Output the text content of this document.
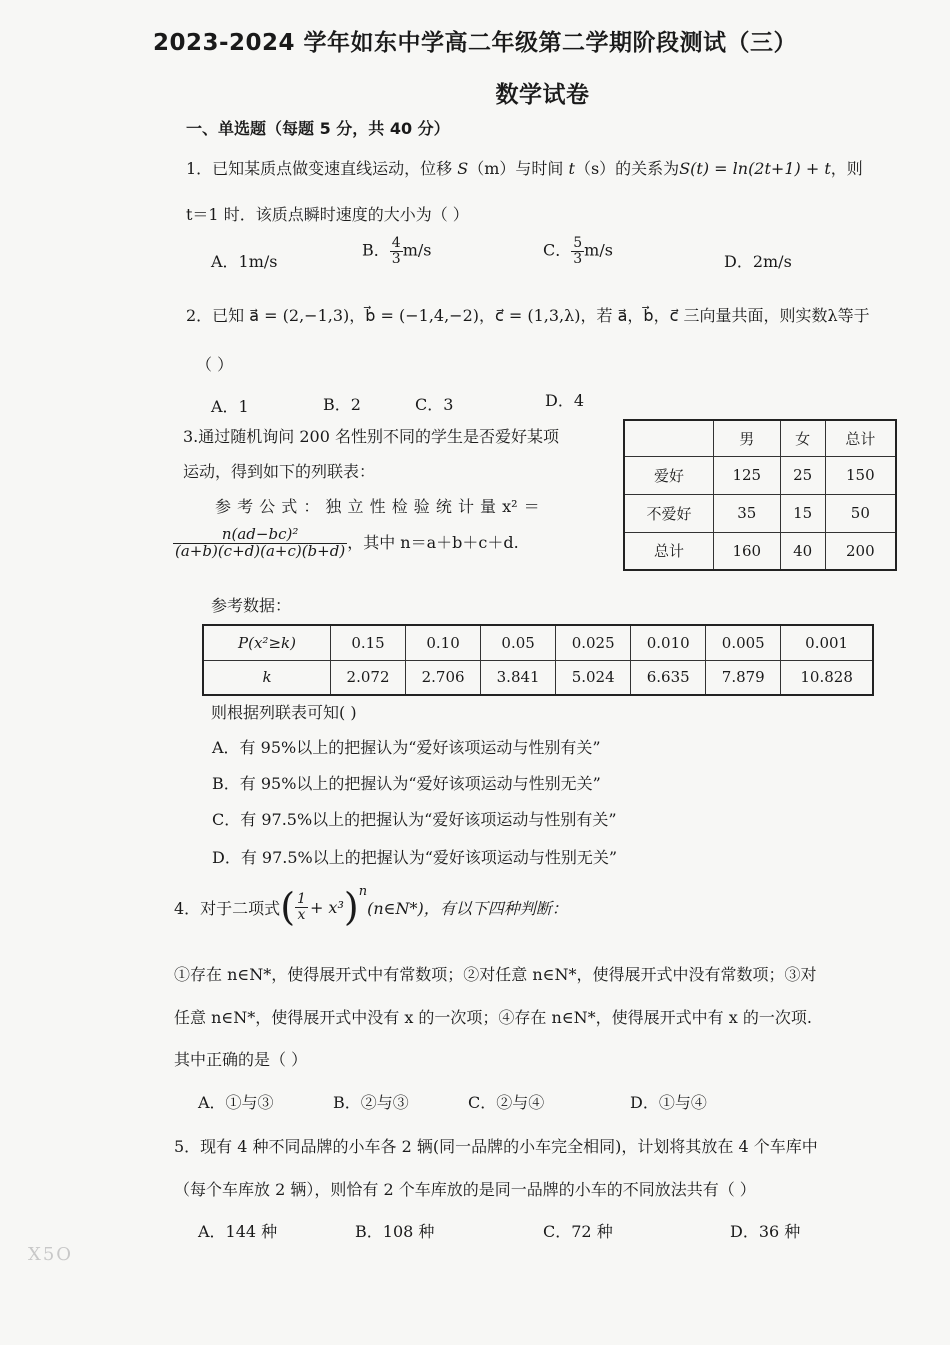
2023-2024 学年如东中学高二年级第二学期阶段测试（三）
数学试卷
一、单选题（每题 5 分，共 40 分）
1．已知某质点做变速直线运动，位移 S（m）与时间 t（s）的关系为S(t) = ln(2t+1) + t，则
t＝1 时．该质点瞬时速度的大小为（ ）
A．1m/s
B． $\frac{4}{3} m/s$	C． $\frac{5}{3} m/s$
D．2m/s
2．已知 a⃗ = (2,−1,3)，b⃗ = (−1,4,−2)，c⃗ = (1,3,λ)，若 a⃗，b⃗，c⃗ 三向量共面，则实数λ等于
（ ）
A．1	B．2	C．3	D．4
3.通过随机询问 200 名性别不同的学生是否爱好某项
运动，得到如下的列联表：
参 考 公 式 ： 独 立 性 检 验 统 计 量 x² ＝
$\frac{\text{n(ad−bc)²}}{(a+b)(c+d)(a+c)(b+d)}$ ，其中 n＝a＋b＋c＋d.
	男	女	总计
爱好	125	25	150
不爱好	35	15	50
总计	160	40	200
参考数据：
P(x²≥k)	0.15	0.10	0.05	0.025	0.010	0.005	0.001
k	2.072	2.706	3.841	5.024	6.635	7.879	10.828
则根据列联表可知( )
A．有 95%以上的把握认为“爱好该项运动与性别有关”
B．有 95%以上的把握认为“爱好该项运动与性别无关”
C．有 97.5%以上的把握认为“爱好该项运动与性别有关”
D．有 97.5%以上的把握认为“爱好该项运动与性别无关”
4．对于二项式 ( $\frac{1}{x} + x^3$ )$^n$
(n∈N*)，有以下四种判断：
①存在 n∈N*，使得展开式中有常数项；②对任意 n∈N*，使得展开式中没有常数项；③对
任意 n∈N*，使得展开式中没有 x 的一次项；④存在 n∈N*，使得展开式中有 x 的一次项.
其中正确的是（ ）
A．①与③	B．②与③	C．②与④	D．①与④
5．现有 4 种不同品牌的小车各 2 辆(同一品牌的小车完全相同)，计划将其放在 4 个车库中
（每个车库放 2 辆），则恰有 2 个车库放的是同一品牌的小车的不同放法共有（ ）
A．144 种	B．108 种	C．72 种	D．36 种
X5O
